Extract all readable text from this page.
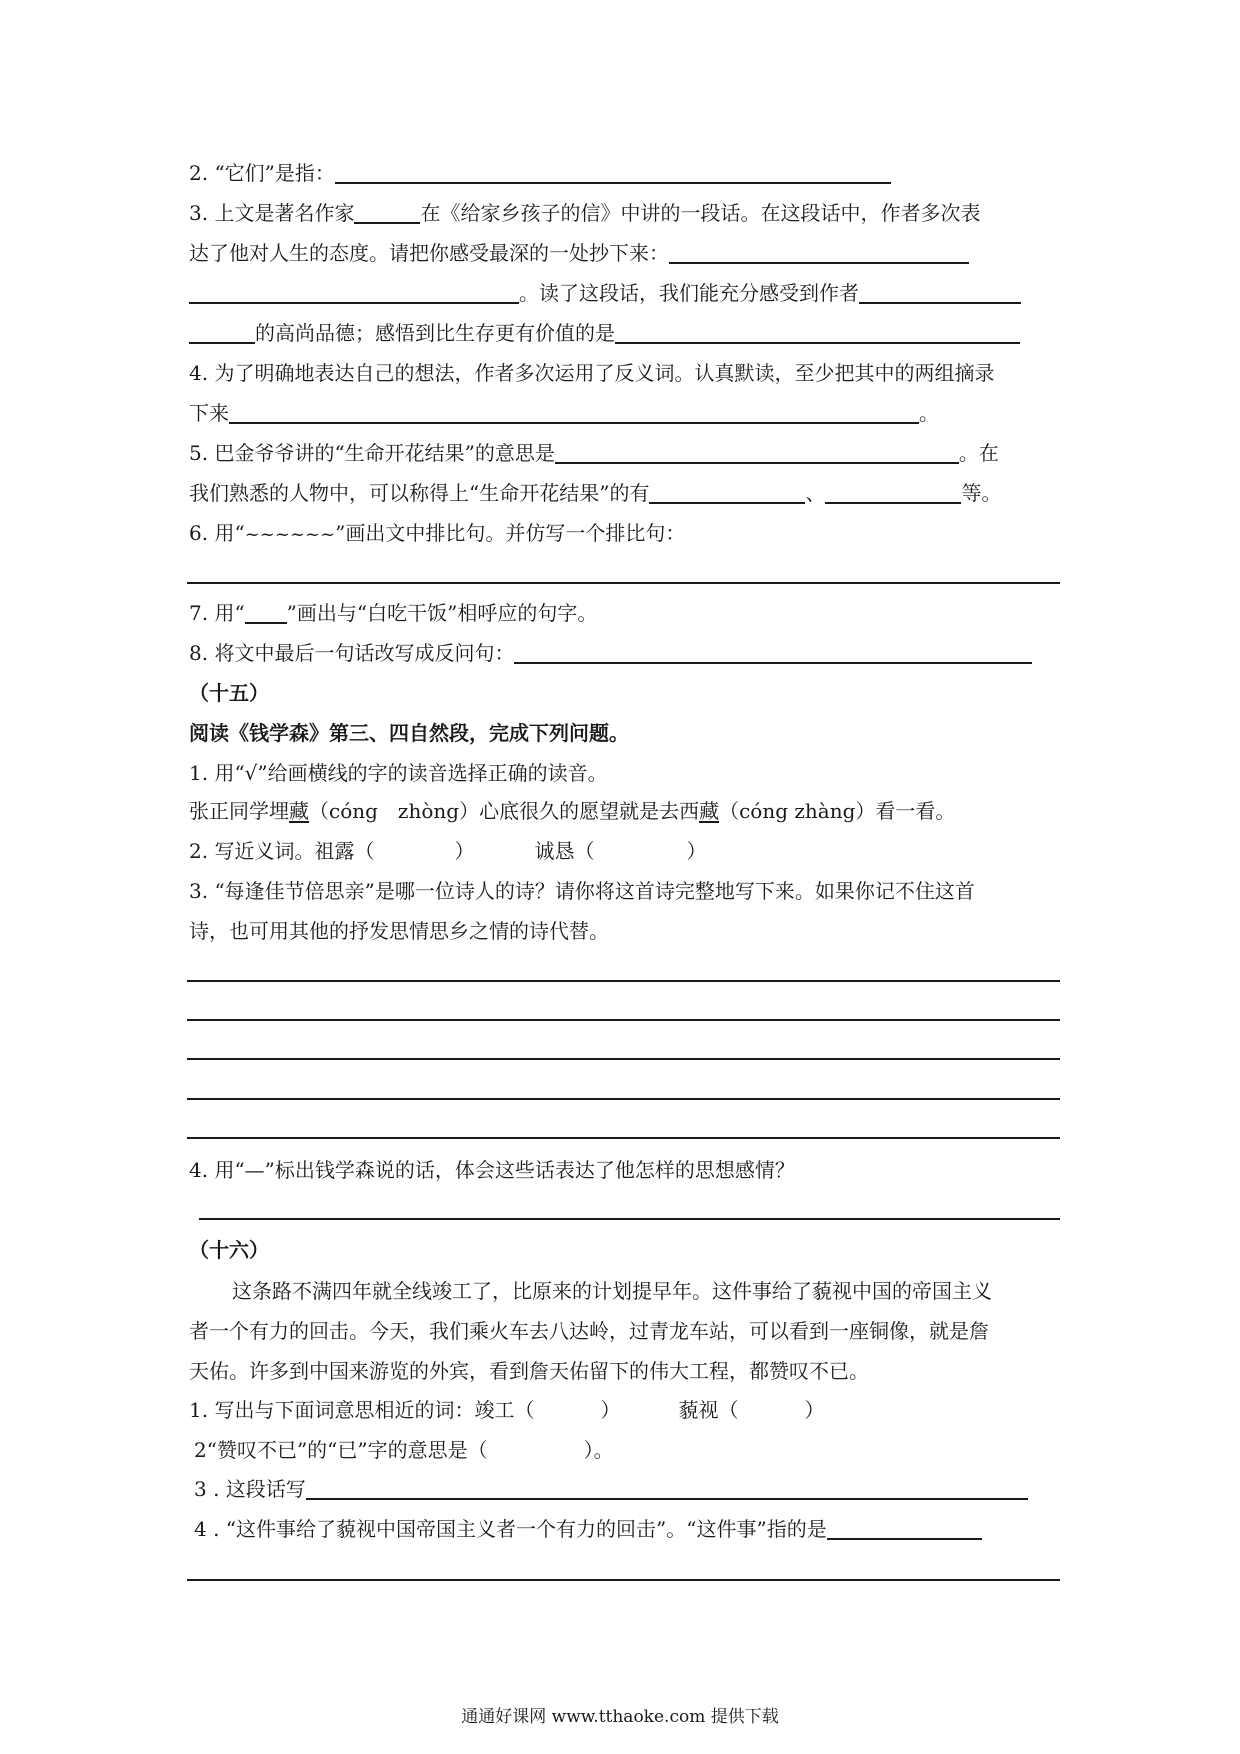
2. “它们”是指：
3. 上文是著名作家	在《给家乡孩子的信》中讲的一段话。在这段话中，作者多次表
达了他对人生的态度。请把你感受最深的一处抄下来：
。读了这段话，我们能充分感受到作者
的高尚品德；感悟到比生存更有价值的是
4. 为了明确地表达自己的想法，作者多次运用了反义词。认真默读，至少把其中的两组摘录
下来	。
5. 巴金爷爷讲的“生命开花结果”的意思是	。在
我们熟悉的人物中，可以称得上“生命开花结果”的有	、	等。
6. 用“~~~~~~”画出文中排比句。并仿写一个排比句：
7. 用“ ”画出与“白吃干饭”相呼应的句字。
8. 将文中最后一句话改写成反问句：
（十五）
阅读《钱学森》第三、四自然段，完成下列问题。
1. 用“√”给画横线的字的读音选择正确的读音。
张正同学埋藏（cóng　zhòng）心底很久的愿望就是去西藏（cóng zhàng）看一看。
2. 写近义词。祖露（	）	诚恳（	）
3. “每逢佳节倍思亲”是哪一位诗人的诗？请你将这首诗完整地写下来。如果你记不住这首
诗，也可用其他的抒发思情思乡之情的诗代替。
4. 用“—”标出钱学森说的话，体会这些话表达了他怎样的思想感情？
（十六）
这条路不满四年就全线竣工了，比原来的计划提早年。这件事给了藐视中国的帝国主义
者一个有力的回击。今天，我们乘火车去八达岭，过青龙车站，可以看到一座铜像，就是詹
天佑。许多到中国来游览的外宾，看到詹天佑留下的伟大工程，都赞叹不已。
1. 写出与下面词意思相近的词：竣工（	）	藐视（	）
2“赞叹不已”的“已”字的意思是（	）。
3 . 这段话写
4 . “这件事给了藐视中国帝国主义者一个有力的回击”。“这件事”指的是
通通好课网 www.tthaoke.com 提供下载
